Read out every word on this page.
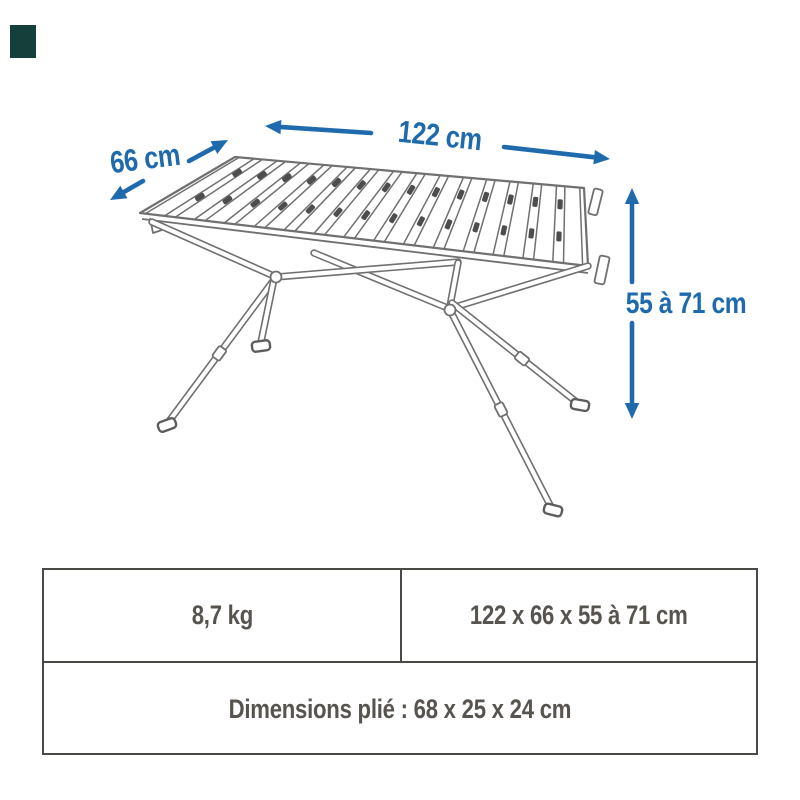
122 cm
66 cm
55 à 71 cm
8,7 kg	122 x 66 x 55 à 71 cm
Dimensions plié : 68 x 25 x 24 cm
